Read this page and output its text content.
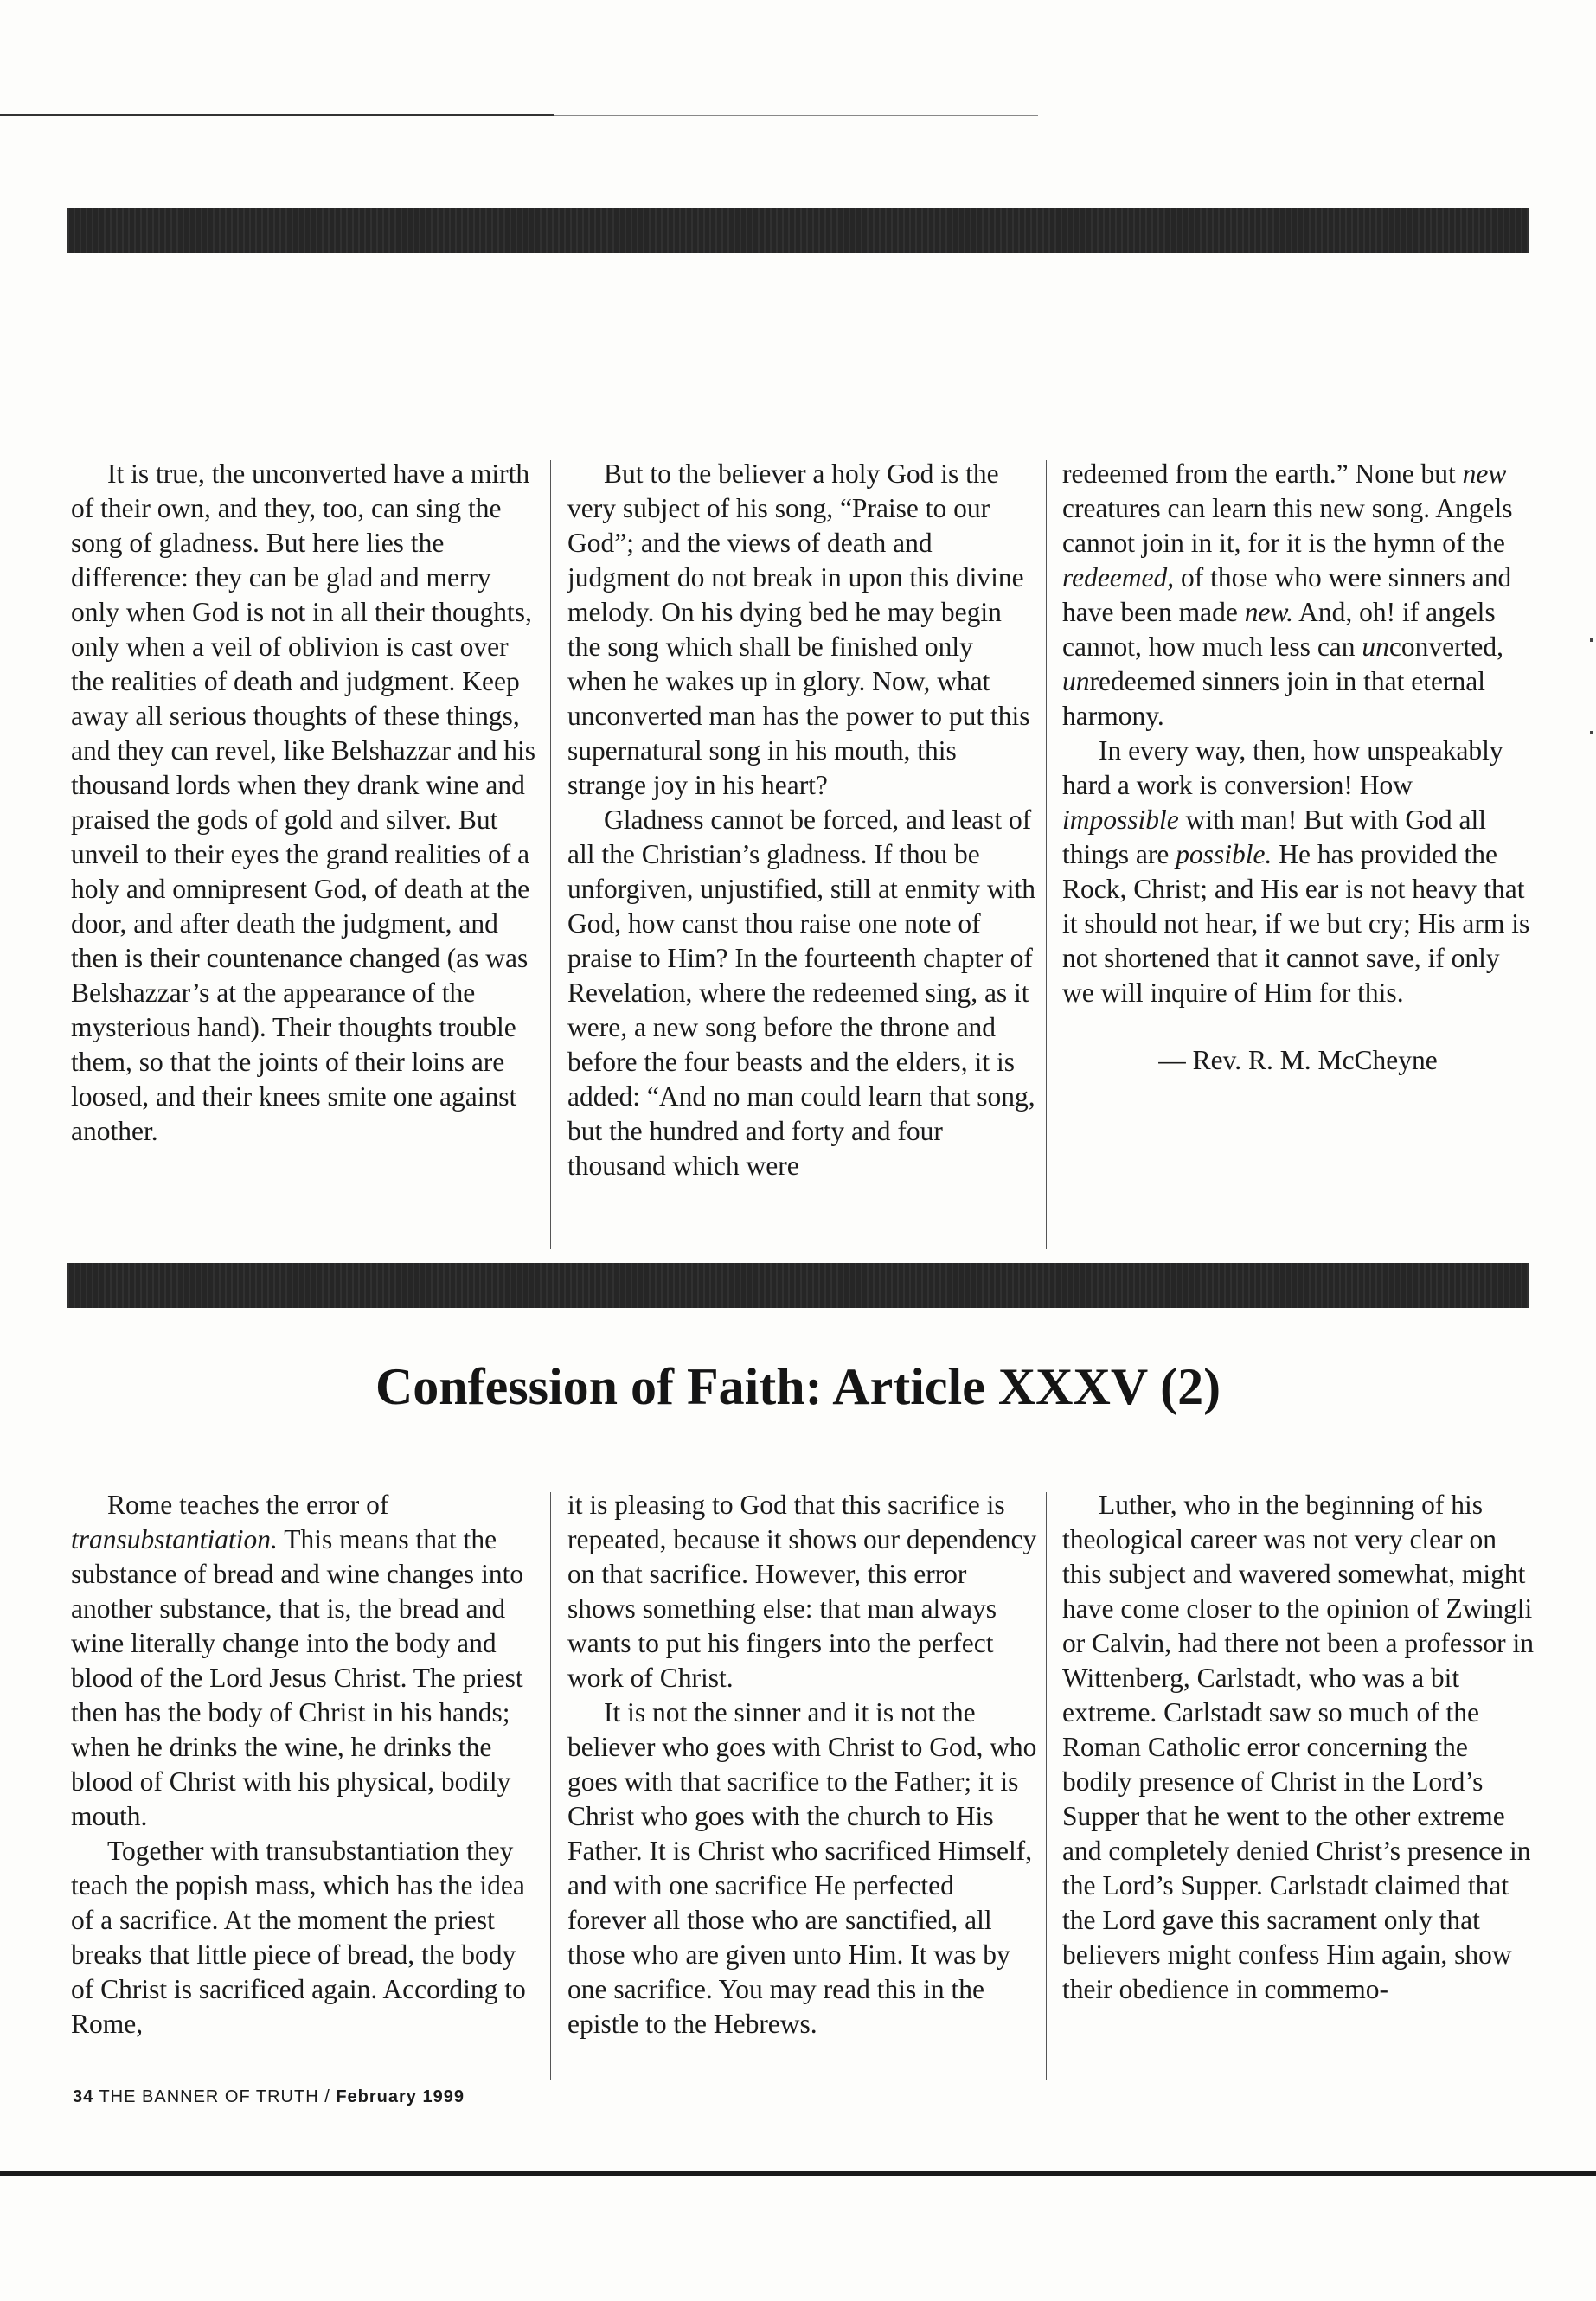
It is true, the unconverted have a mirth of their own, and they, too, can sing the song of gladness. But here lies the difference: they can be glad and merry only when God is not in all their thoughts, only when a veil of oblivion is cast over the realities of death and judgment. Keep away all serious thoughts of these things, and they can revel, like Belshazzar and his thousand lords when they drank wine and praised the gods of gold and silver. But unveil to their eyes the grand realities of a holy and omnipresent God, of death at the door, and after death the judgment, and then is their countenance changed (as was Belshazzar’s at the appearance of the mysterious hand). Their thoughts trouble them, so that the joints of their loins are loosed, and their knees smite one against another.

But to the believer a holy God is the very subject of his song, “Praise to our God”; and the views of death and judgment do not break in upon this divine melody. On his dying bed he may begin the song which shall be finished only when he wakes up in glory. Now, what unconverted man has the power to put this supernatural song in his mouth, this strange joy in his heart?

Gladness cannot be forced, and least of all the Christian’s gladness. If thou be unforgiven, unjustified, still at enmity with God, how canst thou raise one note of praise to Him? In the fourteenth chapter of Revelation, where the redeemed sing, as it were, a new song before the throne and before the four beasts and the elders, it is added: “And no man could learn that song, but the hundred and forty and four thousand which were

redeemed from the earth.” None but new creatures can learn this new song. Angels cannot join in it, for it is the hymn of the redeemed, of those who were sinners and have been made new. And, oh! if angels cannot, how much less can unconverted, unredeemed sinners join in that eternal harmony.

In every way, then, how unspeakably hard a work is conversion! How impossible with man! But with God all things are possible. He has provided the Rock, Christ; and His ear is not heavy that it should not hear, if we but cry; His arm is not shortened that it cannot save, if only we will inquire of Him for this.

— Rev. R. M. McCheyne

Confession of Faith: Article XXXV (2)

Rome teaches the error of transubstantiation. This means that the substance of bread and wine changes into another substance, that is, the bread and wine literally change into the body and blood of the Lord Jesus Christ. The priest then has the body of Christ in his hands; when he drinks the wine, he drinks the blood of Christ with his physical, bodily mouth.

Together with transubstantiation they teach the popish mass, which has the idea of a sacrifice. At the moment the priest breaks that little piece of bread, the body of Christ is sacrificed again. According to Rome,

it is pleasing to God that this sacrifice is repeated, because it shows our dependency on that sacrifice. However, this error shows something else: that man always wants to put his fingers into the perfect work of Christ.

It is not the sinner and it is not the believer who goes with Christ to God, who goes with that sacrifice to the Father; it is Christ who goes with the church to His Father. It is Christ who sacrificed Himself, and with one sacrifice He perfected forever all those who are sanctified, all those who are given unto Him. It was by one sacrifice. You may read this in the epistle to the Hebrews.

Luther, who in the beginning of his theological career was not very clear on this subject and wavered somewhat, might have come closer to the opinion of Zwingli or Calvin, had there not been a professor in Wittenberg, Carlstadt, who was a bit extreme. Carlstadt saw so much of the Roman Catholic error concerning the bodily presence of Christ in the Lord’s Supper that he went to the other extreme and completely denied Christ’s presence in the Lord’s Supper. Carlstadt claimed that the Lord gave this sacrament only that believers might confess Him again, show their obedience in commemo-

34 THE BANNER OF TRUTH / February 1999
